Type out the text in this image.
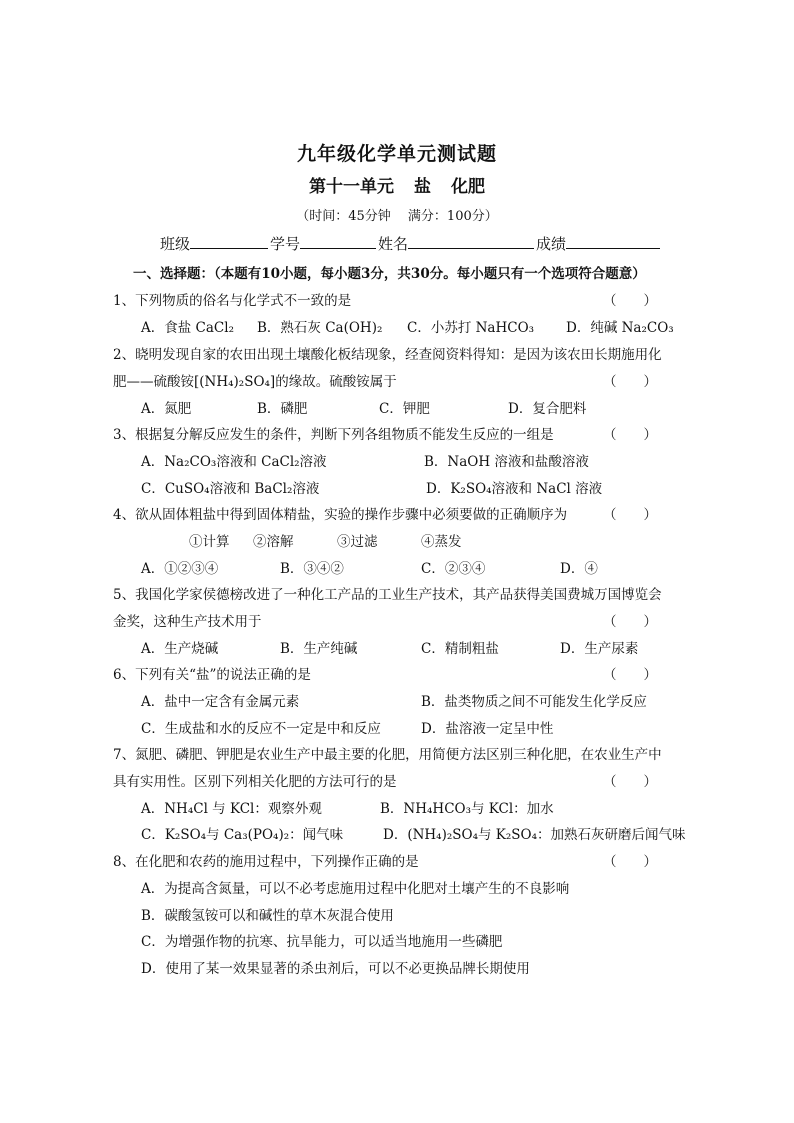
九年级化学单元测试题
第十一单元 盐 化肥
（时间：45分钟　 满分：100分）
班级	学号	姓名	成绩
一、选择题：（本题有10小题，每小题3分，共30分。每小题只有一个选项符合题意）
1、下列物质的俗名与化学式不一致的是	（　　）
A．食盐 CaCl₂ B．熟石灰 Ca(OH)₂ C．小苏打 NaHCO₃ D．纯碱 Na₂CO₃
2、晓明发现自家的农田出现土壤酸化板结现象，经查阅资料得知：是因为该农田长期施用化
肥——硫酸铵[(NH₄)₂SO₄]的缘故。硫酸铵属于	（　　）
A．氮肥	B．磷肥	C．钾肥	D．复合肥料
3、根据复分解反应发生的条件，判断下列各组物质不能发生反应的一组是	（　　）
A．Na₂CO₃溶液和 CaCl₂溶液	B．NaOH 溶液和盐酸溶液
C．CuSO₄溶液和 BaCl₂溶液	D．K₂SO₄溶液和 NaCl 溶液
4、欲从固体粗盐中得到固体精盐，实验的操作步骤中必须要做的正确顺序为	（　　）
①计算 ②溶解	③过滤	④蒸发
A．①②③④	B．③④②	C．②③④	D．④
5、我国化学家侯德榜改进了一种化工产品的工业生产技术，其产品获得美国费城万国博览会
金奖，这种生产技术用于	（　　）
A．生产烧碱	B．生产纯碱	C．精制粗盐	D．生产尿素
6、下列有关“盐”的说法正确的是	（　　）
A．盐中一定含有金属元素	B．盐类物质之间不可能发生化学反应
C．生成盐和水的反应不一定是中和反应	D．盐溶液一定呈中性
7、氮肥、磷肥、钾肥是农业生产中最主要的化肥，用简便方法区别三种化肥，在农业生产中
具有实用性。区别下列相关化肥的方法可行的是	（　　）
A．NH₄Cl 与 KCl：观察外观	B．NH₄HCO₃与 KCl：加水
C．K₂SO₄与 Ca₃(PO₄)₂：闻气味	D．(NH₄)₂SO₄与 K₂SO₄：加熟石灰研磨后闻气味
8、在化肥和农药的施用过程中，下列操作正确的是	（　　）
A．为提高含氮量，可以不必考虑施用过程中化肥对土壤产生的不良影响
B．碳酸氢铵可以和碱性的草木灰混合使用
C．为增强作物的抗寒、抗旱能力，可以适当地施用一些磷肥
D．使用了某一效果显著的杀虫剂后，可以不必更换品牌长期使用
